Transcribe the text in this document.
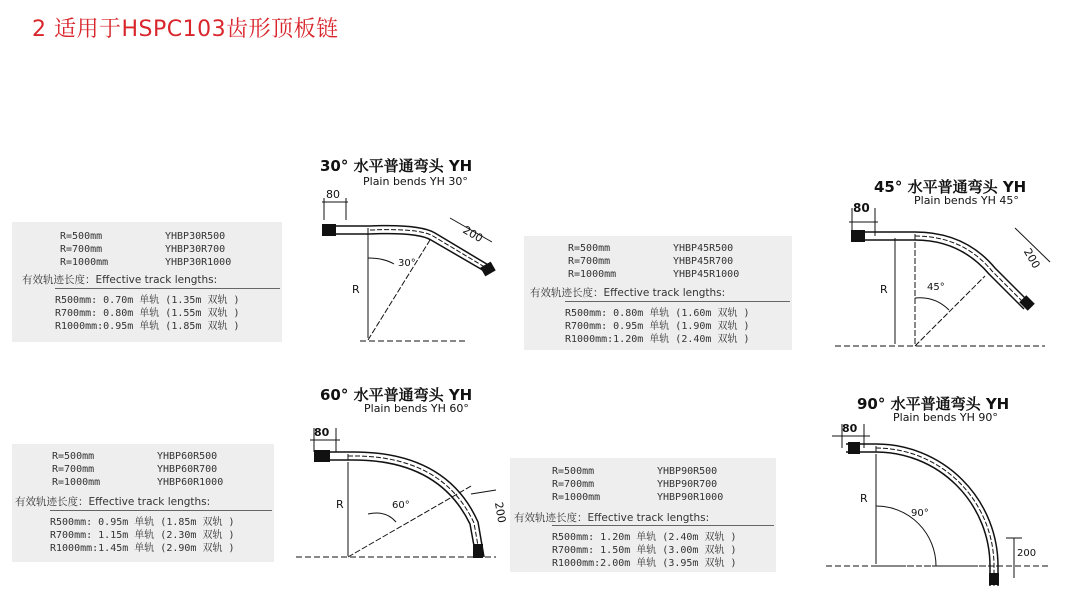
2 适用于HSPC103齿形顶板链
30° 水平普通弯头 YH
Plain bends YH 30°
R=500mm	YHBP30R500
R=700mm	YHBP30R700
R=1000mm	YHBP30R1000
有效轨迹长度：Effective track lengths:
R500mm: 0.70m 单轨 (1.35m 双轨 )
R700mm: 0.80m 单轨 (1.55m 双轨 )
R1000mm:0.95m 单轨 (1.85m 双轨 )
80
200
R
30°
45° 水平普通弯头 YH
Plain bends YH 45°
R=500mm	YHBP45R500
R=700mm	YHBP45R700
R=1000mm	YHBP45R1000
有效轨迹长度：Effective track lengths:
R500mm: 0.80m 单轨 (1.60m 双轨 )
R700mm: 0.95m 单轨 (1.90m 双轨 )
R1000mm:1.20m 单轨 (2.40m 双轨 )
80
200
R	45°
60° 水平普通弯头 YH
Plain bends YH 60°
R=500mm	YHBP60R500
R=700mm	YHBP60R700
R=1000mm	YHBP60R1000
有效轨迹长度：Effective track lengths:
R500mm: 0.95m 单轨 (1.85m 双轨 )
R700mm: 1.15m 单轨 (2.30m 双轨 )
R1000mm:1.45m 单轨 (2.90m 双轨 )
80
200
R	60°
90° 水平普通弯头 YH
Plain bends YH 90°
R=500mm	YHBP90R500
R=700mm	YHBP90R700
R=1000mm	YHBP90R1000
有效轨迹长度：Effective track lengths:
R500mm: 1.20m 单轨 (2.40m 双轨 )
R700mm: 1.50m 单轨 (3.00m 双轨 )
R1000mm:2.00m 单轨 (3.95m 双轨 )
80
200
R
90°
